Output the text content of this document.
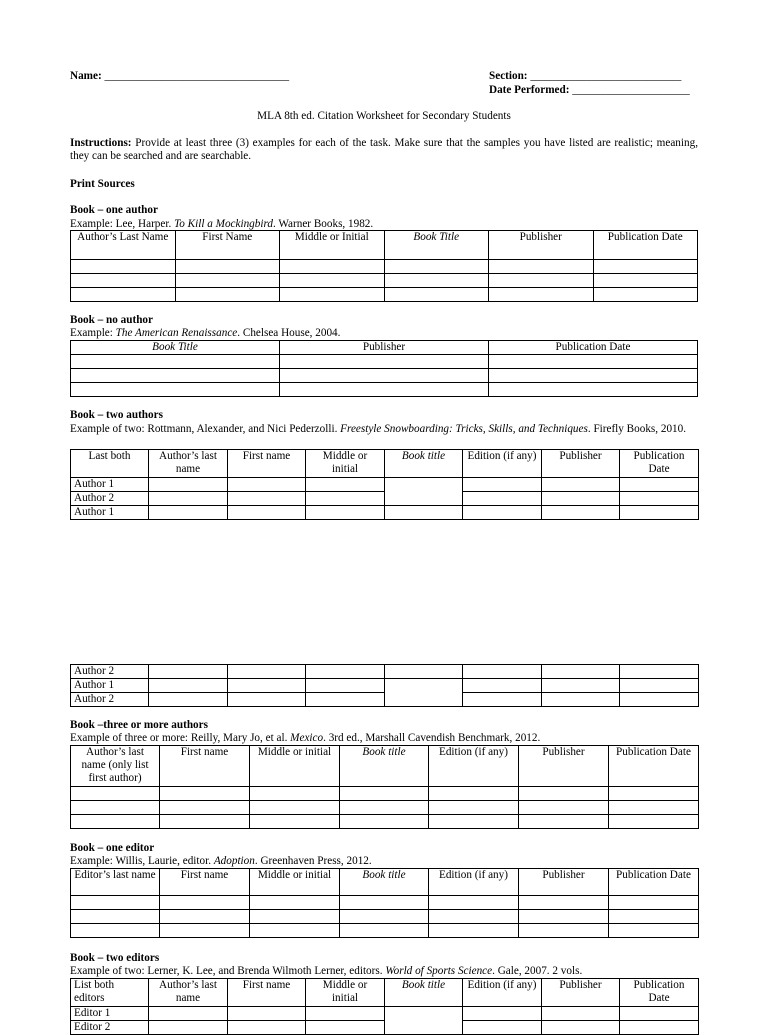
Name: _________________________________	Section: ___________________________
Date Performed: _____________________
MLA 8th ed. Citation Worksheet for Secondary Students
Instructions: Provide at least three (3) examples for each of the task. Make sure that the samples you have listed are realistic; meaning, they can be searched and are searchable.
Print Sources
Book – one author
Example: Lee, Harper. To Kill a Mockingbird. Warner Books, 1982.
Author’s Last Name	First Name	Middle or Initial	Book Title	Publisher	Publication Date

Book – no author
Example: The American Renaissance. Chelsea House, 2004.
Book Title	Publisher	Publication Date

Book – two authors
Example of two: Rottmann, Alexander, and Nici Pederzolli. Freestyle Snowboarding: Tricks, Skills, and Techniques. Firefly Books, 2010.
Last both	Author’s last name	First name	Middle or initial	Book title	Edition (if any)	Publisher	Publication Date
Author 1							
Author 2							
Author 1							
Author 2							
Author 1							
Author 2							
Book –three or more authors
Example of three or more: Reilly, Mary Jo, et al. Mexico. 3rd ed., Marshall Cavendish Benchmark, 2012.
Author’s last name (only list first author)	First name	Middle or initial	Book title	Edition (if any)	Publisher	Publication Date

Book – one editor
Example: Willis, Laurie, editor. Adoption. Greenhaven Press, 2012.
Editor’s last name	First name	Middle or initial	Book title	Edition (if any)	Publisher	Publication Date

Book – two editors
Example of two: Lerner, K. Lee, and Brenda Wilmoth Lerner, editors. World of Sports Science. Gale, 2007. 2 vols.
List both editors	Author’s last name	First name	Middle or initial	Book title	Edition (if any)	Publisher	Publication Date
Editor 1							
Editor 2							
